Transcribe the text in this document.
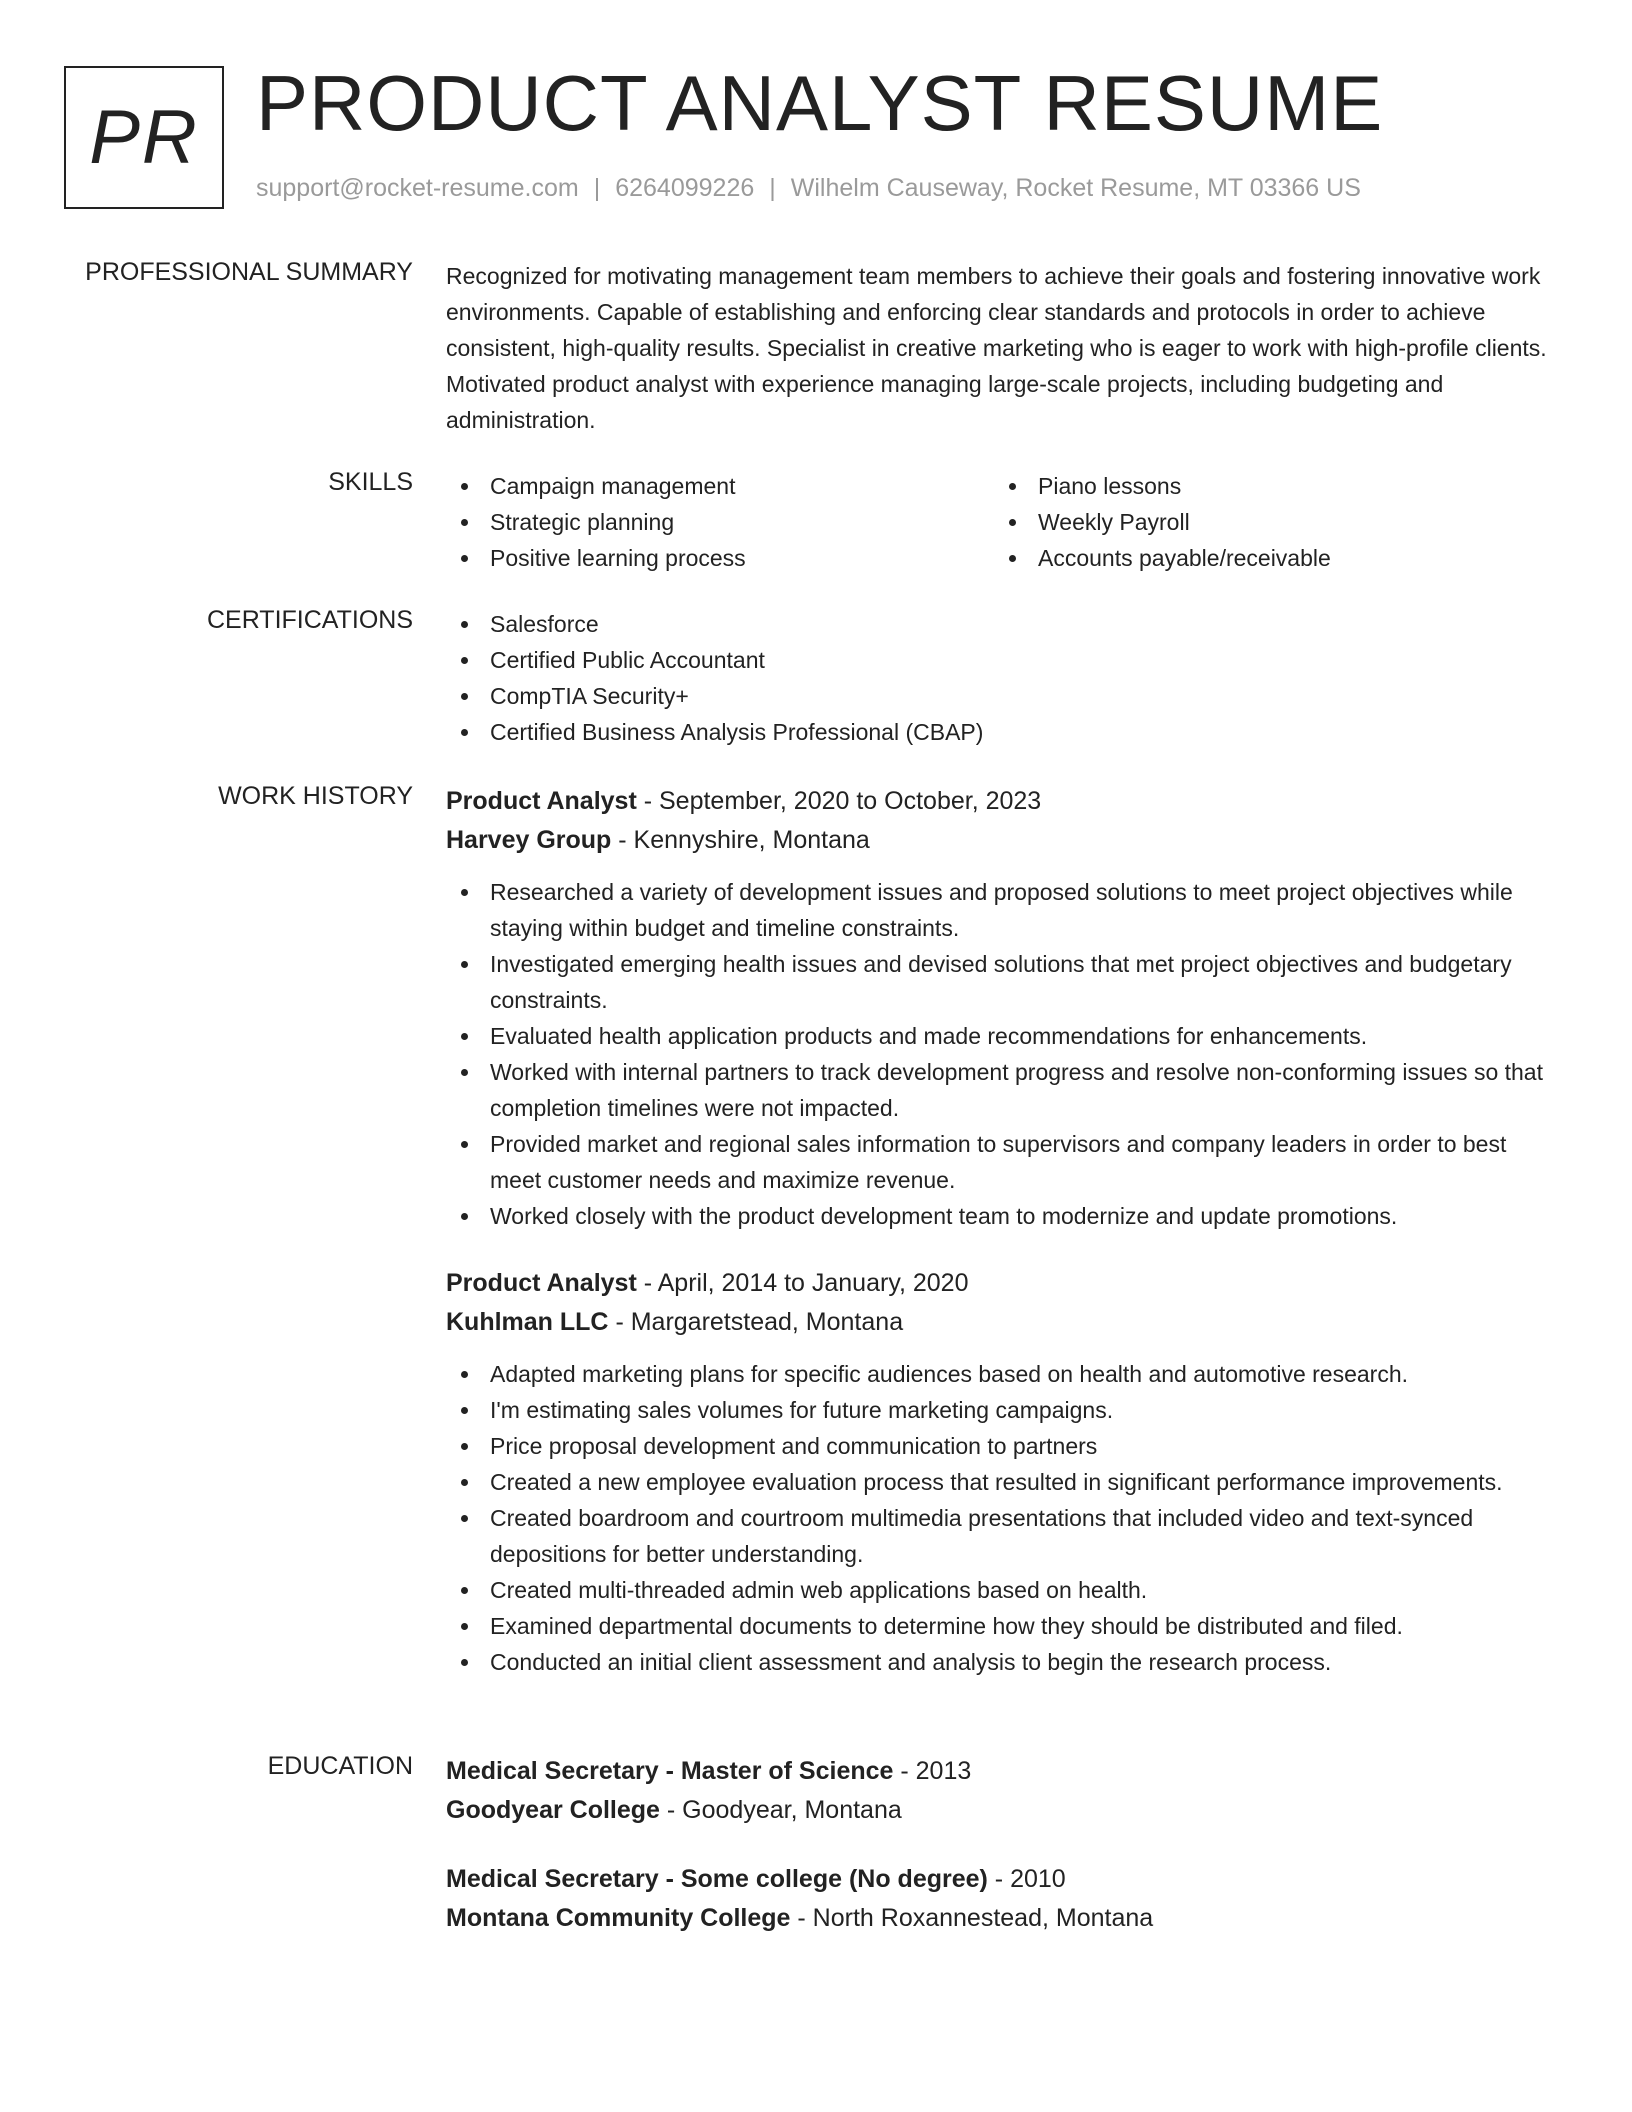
PR PRODUCT ANALYST RESUME
support@rocket-resume.com | 6264099226 | Wilhelm Causeway, Rocket Resume, MT 03366 US
PROFESSIONAL SUMMARY Recognized for motivating management team members to achieve their goals and fostering innovative work environments. Capable of establishing and enforcing clear standards and protocols in order to achieve consistent, high-quality results. Specialist in creative marketing who is eager to work with high-profile clients. Motivated product analyst with experience managing large-scale projects, including budgeting and administration.
SKILLS	Campaign management
Strategic planning
Positive learning process
Piano lessons
Weekly Payroll
Accounts payable/receivable
CERTIFICATIONS	Salesforce
Certified Public Accountant
CompTIA Security+
Certified Business Analysis Professional (CBAP)
WORK HISTORY Product Analyst - September, 2020 to October, 2023
Harvey Group - Kennyshire, Montana
Researched a variety of development issues and proposed solutions to meet project objectives while staying within budget and timeline constraints.
Investigated emerging health issues and devised solutions that met project objectives and budgetary constraints.
Evaluated health application products and made recommendations for enhancements.
Worked with internal partners to track development progress and resolve non-conforming issues so that completion timelines were not impacted.
Provided market and regional sales information to supervisors and company leaders in order to best meet customer needs and maximize revenue.
Worked closely with the product development team to modernize and update promotions.
Product Analyst - April, 2014 to January, 2020
Kuhlman LLC - Margaretstead, Montana
Adapted marketing plans for specific audiences based on health and automotive research.
I'm estimating sales volumes for future marketing campaigns.
Price proposal development and communication to partners
Created a new employee evaluation process that resulted in significant performance improvements.
Created boardroom and courtroom multimedia presentations that included video and text-synced depositions for better understanding.
Created multi-threaded admin web applications based on health.
Examined departmental documents to determine how they should be distributed and filed.
Conducted an initial client assessment and analysis to begin the research process.
EDUCATION Medical Secretary - Master of Science - 2013
Goodyear College - Goodyear, Montana
Medical Secretary - Some college (No degree) - 2010
Montana Community College - North Roxannestead, Montana
